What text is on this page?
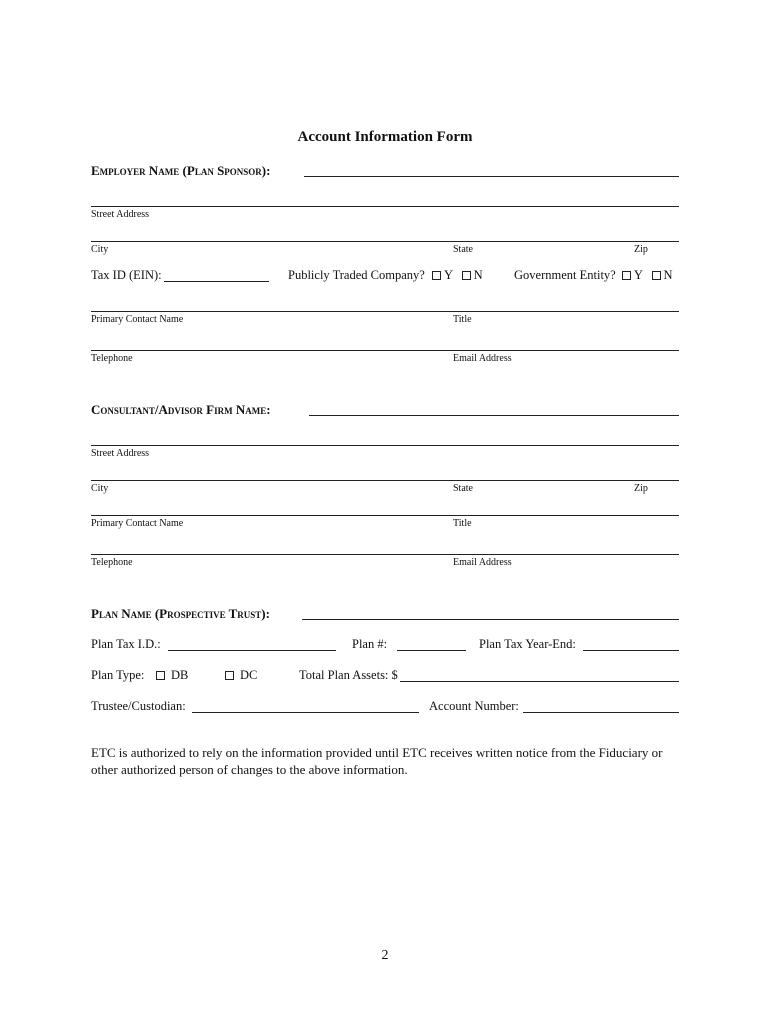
Account Information Form
Employer Name (Plan Sponsor):
Street Address
City	State	Zip
Tax ID (EIN):	Publicly Traded Company? Y N	Government Entity? Y N
Primary Contact Name	Title
Telephone	Email Address
Consultant/Advisor Firm Name:
Street Address
City	State	Zip
Primary Contact Name	Title
Telephone	Email Address
Plan Name (Prospective Trust):
Plan Tax I.D.:	Plan #:	Plan Tax Year-End:
Plan Type:	DB	DC	Total Plan Assets: $
Trustee/Custodian:	Account Number:
ETC is authorized to rely on the information provided until ETC receives written notice from the Fiduciary or other authorized person of changes to the above information.
2
